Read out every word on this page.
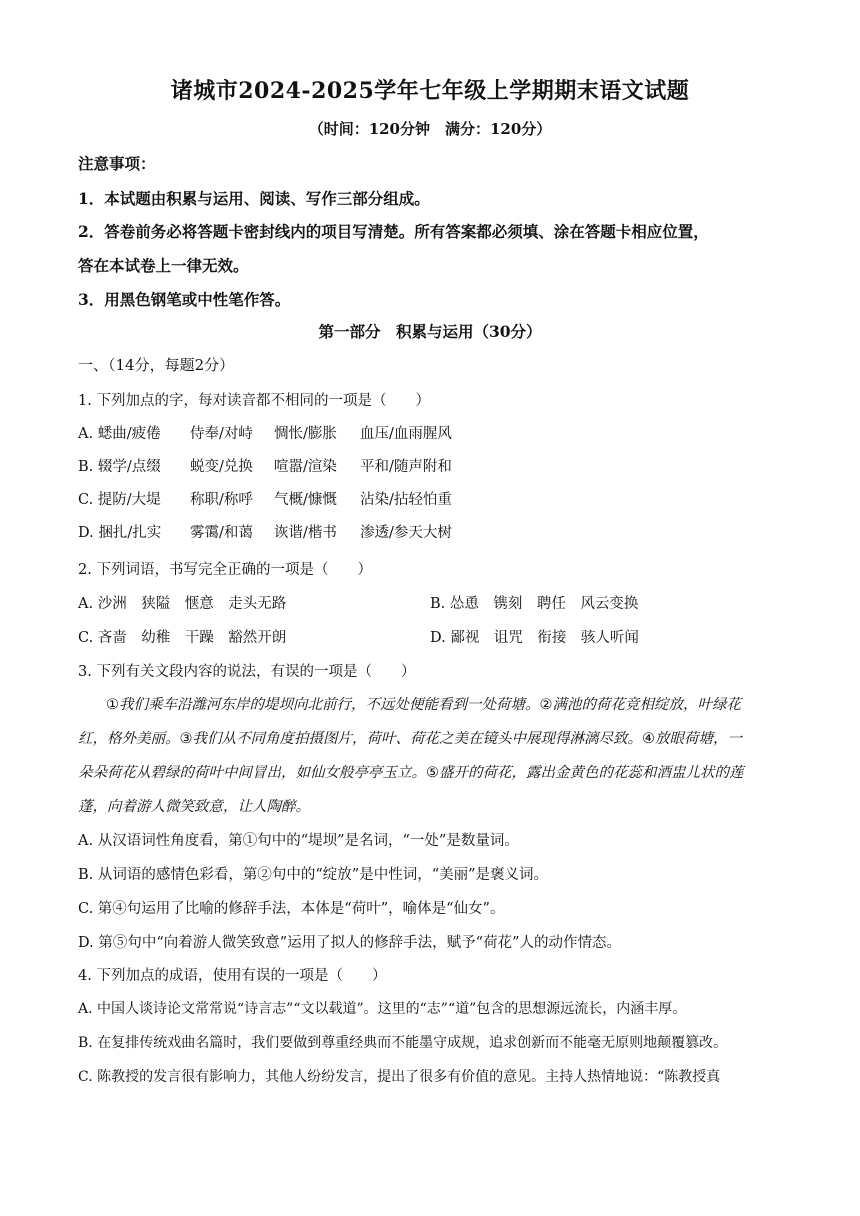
诸城市2024-2025学年七年级上学期期末语文试题
（时间：120分钟　满分：120分）
注意事项：
1．本试题由积累与运用、阅读、写作三部分组成。
2．答卷前务必将答题卡密封线内的项目写清楚。所有答案都必须填、涂在答题卡相应位置，
答在本试卷上一律无效。
3．用黑色钢笔或中性笔作答。
第一部分　积累与运用（30分）
一、（14分，每题2分）
1. 下列加点的字，每对读音都不相同的一项是（　　）
A. 蟋曲/疲倦 侍奉/对峙 惆怅/膨胀 血压/血雨腥风
B. 辍学/点缀 蜕变/兑换 喧嚣/渲染 平和/随声附和
C. 提防/大堤 称职/称呼 气概/慷慨 沾染/拈轻怕重
D. 捆扎/扎实 雾霭/和蔼 诙谐/楷书 渗透/参天大树
2. 下列词语，书写完全正确的一项是（　　）
A. 沙洲　狭隘　惬意　走头无路	B. 怂恿　镌刻　聘任　风云变换
C. 吝啬　幼稚　干躁　豁然开朗	D. 鄙视　诅咒　衔接　骇人听闻
3. 下列有关文段内容的说法，有误的一项是（　　）
①我们乘车沿潍河东岸的堤坝向北前行，不远处便能看到一处荷塘。②满池的荷花竞相绽放，叶绿花
红，格外美丽。③我们从不同角度拍摄图片，荷叶、荷花之美在镜头中展现得淋漓尽致。④放眼荷塘，一
朵朵荷花从碧绿的荷叶中间冒出，如仙女般亭亭玉立。⑤盛开的荷花，露出金黄色的花蕊和酒盅儿状的莲
蓬，向着游人微笑致意，让人陶醉。
A. 从汉语词性角度看，第①句中的“堤坝”是名词，“一处”是数量词。
B. 从词语的感情色彩看，第②句中的“绽放”是中性词，“美丽”是褒义词。
C. 第④句运用了比喻的修辞手法，本体是“荷叶”，喻体是“仙女”。
D. 第⑤句中“向着游人微笑致意”运用了拟人的修辞手法，赋予“荷花”人的动作情态。
4. 下列加点的成语，使用有误的一项是（　　）
A. 中国人谈诗论文常常说“诗言志”“文以载道”。这里的“志”“道”包含的思想源远流长，内涵丰厚。
B. 在复排传统戏曲名篇时，我们要做到尊重经典而不能墨守成规，追求创新而不能毫无原则地颠覆篡改。
C. 陈教授的发言很有影响力，其他人纷纷发言，提出了很多有价值的意见。主持人热情地说：“陈教授真
